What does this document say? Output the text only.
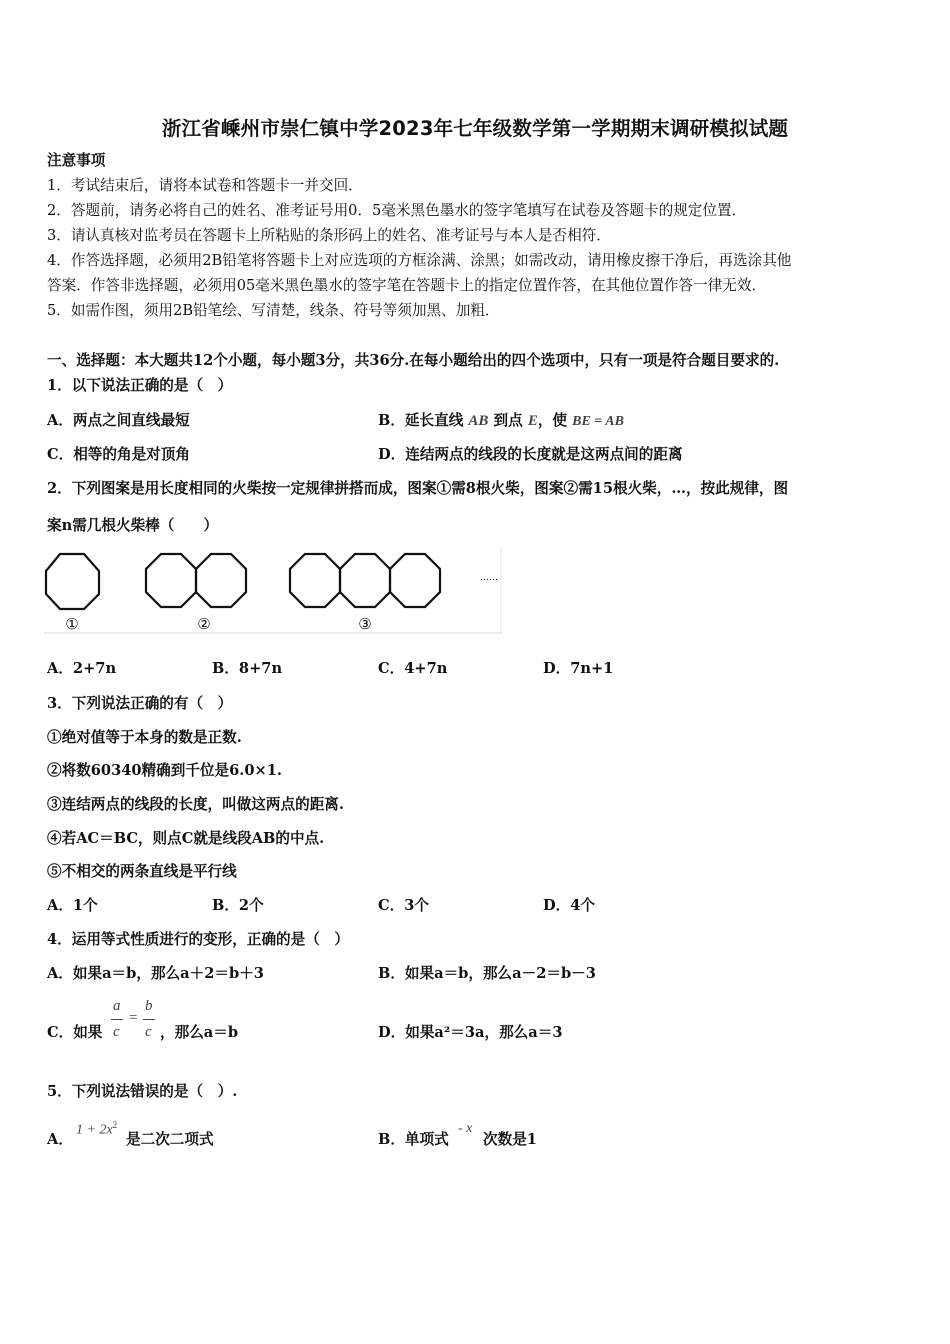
浙江省嵊州市崇仁镇中学2023年七年级数学第一学期期末调研模拟试题
注意事项
1．考试结束后，请将本试卷和答题卡一并交回．
2．答题前，请务必将自己的姓名、准考证号用0．5毫米黑色墨水的签字笔填写在试卷及答题卡的规定位置．
3．请认真核对监考员在答题卡上所粘贴的条形码上的姓名、准考证号与本人是否相符．
4．作答选择题，必须用2B铅笔将答题卡上对应选项的方框涂满、涂黑；如需改动，请用橡皮擦干净后，再选涂其他
答案．作答非选择题，必须用05毫米黑色墨水的签字笔在答题卡上的指定位置作答，在其他位置作答一律无效．
5．如需作图，须用2B铅笔绘、写清楚，线条、符号等须加黑、加粗．
一、选择题：本大题共12个小题，每小题3分，共36分.在每小题给出的四个选项中，只有一项是符合题目要求的.
1．以下说法正确的是（　）
A．两点之间直线最短	B．延长直线 AB 到点 E，使 BE = AB
C．相等的角是对顶角	D．连结两点的线段的长度就是这两点间的距离
2．下列图案是用长度相同的火柴按一定规律拼搭而成，图案①需8根火柴，图案②需15根火柴，…，按此规律，图
案n需几根火柴棒（　　）
……
①	②	③
A．2+7n	B．8+7n	C．4+7n	D．7n+1
3．下列说法正确的有（　）
①绝对值等于本身的数是正数.
②将数60340精确到千位是6.0×1.
③连结两点的线段的长度，叫做这两点的距离.
④若AC＝BC，则点C就是线段AB的中点.
⑤不相交的两条直线是平行线
A．1个	B．2个	C．3个	D．4个
4．运用等式性质进行的变形，正确的是（　）
A．如果a＝b，那么a＋2＝b＋3	B．如果a＝b，那么a－2＝b－3
C．如果
a
c
=
b
c ，那么a＝b	D．如果a²＝3a，那么a＝3
5．下列说法错误的是（　）.
A．
$1 + 2x^2$
是二次二项式	B．单项式
- x
次数是1
